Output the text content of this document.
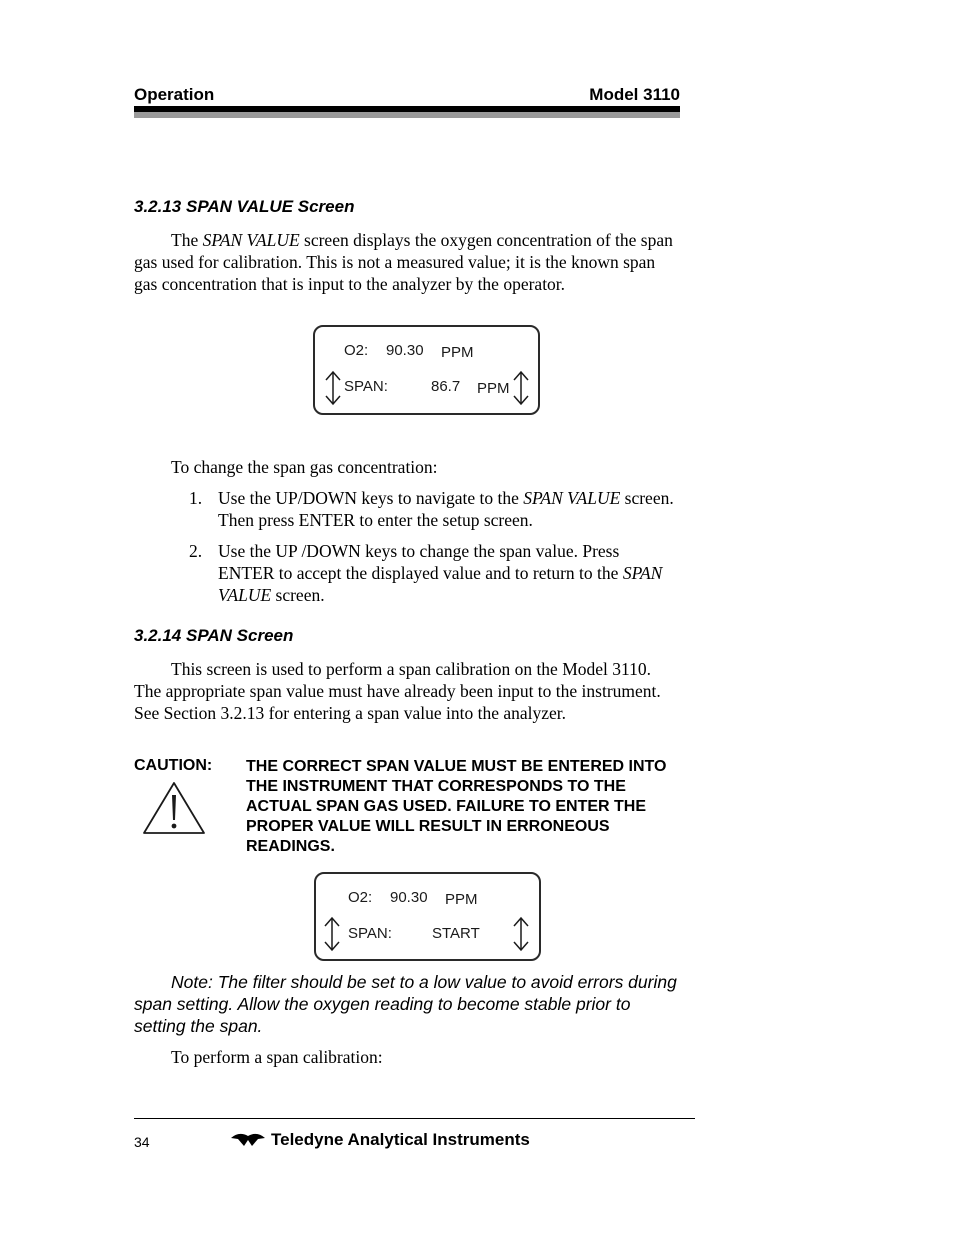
Operation	Model 3110
3.2.13 SPAN VALUE Screen
The SPAN VALUE screen displays the oxygen concentration of the span gas used for calibration. This is not a measured value; it is the known span gas concentration that is input to the analyzer by the operator.
O2: 90.30 PPM
SPAN:	86.7 PPM
To change the span gas concentration:
1. Use the UP/DOWN keys to navigate to the SPAN VALUE screen. Then press ENTER to enter the setup screen.
2. Use the UP /DOWN keys to change the span value. Press ENTER to accept the displayed value and to return to the SPAN VALUE screen.
3.2.14 SPAN Screen
This screen is used to perform a span calibration on the Model 3110. The appropriate span value must have already been input to the instrument. See Section 3.2.13 for entering a span value into the analyzer.
CAUTION: THE CORRECT SPAN VALUE MUST BE ENTERED INTO THE INSTRUMENT THAT CORRESPONDS TO THE ACTUAL SPAN GAS USED. FAILURE TO ENTER THE PROPER VALUE WILL RESULT IN ERRONEOUS READINGS.
O2: 90.30 PPM
SPAN:	START
Note: The filter should be set to a low value to avoid errors during span setting. Allow the oxygen reading to become stable prior to setting the span.
To perform a span calibration:
34	Teledyne Analytical Instruments
